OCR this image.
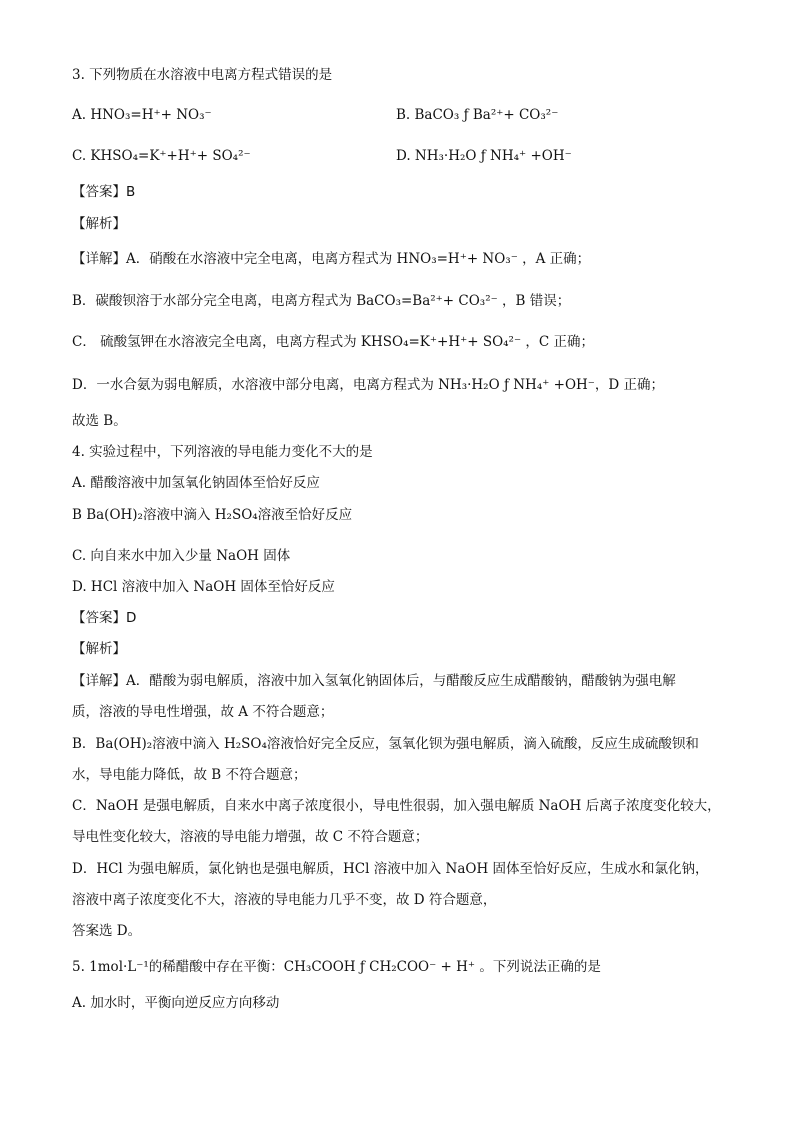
3. 下列物质在水溶液中电离方程式错误的是
A. HNO₃=H⁺+ NO₃⁻	B. BaCO₃ ƒ Ba²⁺+ CO₃²⁻
C. KHSO₄=K⁺+H⁺+ SO₄²⁻	D. NH₃·H₂O ƒ NH₄⁺ +OH⁻
【答案】B
【解析】
【详解】A．硝酸在水溶液中完全电离，电离方程式为 HNO₃=H⁺+ NO₃⁻ ，A 正确；
B．碳酸钡溶于水部分完全电离，电离方程式为 BaCO₃=Ba²⁺+ CO₃²⁻ ，B 错误；
C． 硫酸氢钾在水溶液完全电离，电离方程式为 KHSO₄=K⁺+H⁺+ SO₄²⁻ ，C 正确；
D．一水合氨为弱电解质，水溶液中部分电离，电离方程式为 NH₃·H₂O ƒ NH₄⁺ +OH⁻，D 正确；
故选 B。
4. 实验过程中，下列溶液的导电能力变化不大的是
A. 醋酸溶液中加氢氧化钠固体至恰好反应
B Ba(OH)₂溶液中滴入 H₂SO₄溶液至恰好反应
C. 向自来水中加入少量 NaOH 固体
D. HCl 溶液中加入 NaOH 固体至恰好反应
【答案】D
【解析】
【详解】A．醋酸为弱电解质，溶液中加入氢氧化钠固体后，与醋酸反应生成醋酸钠，醋酸钠为强电解
质，溶液的导电性增强，故 A 不符合题意；
B．Ba(OH)₂溶液中滴入 H₂SO₄溶液恰好完全反应，氢氧化钡为强电解质，滴入硫酸，反应生成硫酸钡和
水，导电能力降低，故 B 不符合题意；
C．NaOH 是强电解质，自来水中离子浓度很小，导电性很弱，加入强电解质 NaOH 后离子浓度变化较大，
导电性变化较大，溶液的导电能力增强，故 C 不符合题意；
D．HCl 为强电解质，氯化钠也是强电解质，HCl 溶液中加入 NaOH 固体至恰好反应，生成水和氯化钠，
溶液中离子浓度变化不大，溶液的导电能力几乎不变，故 D 符合题意，
答案选 D。
5. 1mol·L⁻¹的稀醋酸中存在平衡：CH₃COOH ƒ CH₂COO⁻ + H⁺ 。下列说法正确的是
A. 加水时，平衡向逆反应方向移动
